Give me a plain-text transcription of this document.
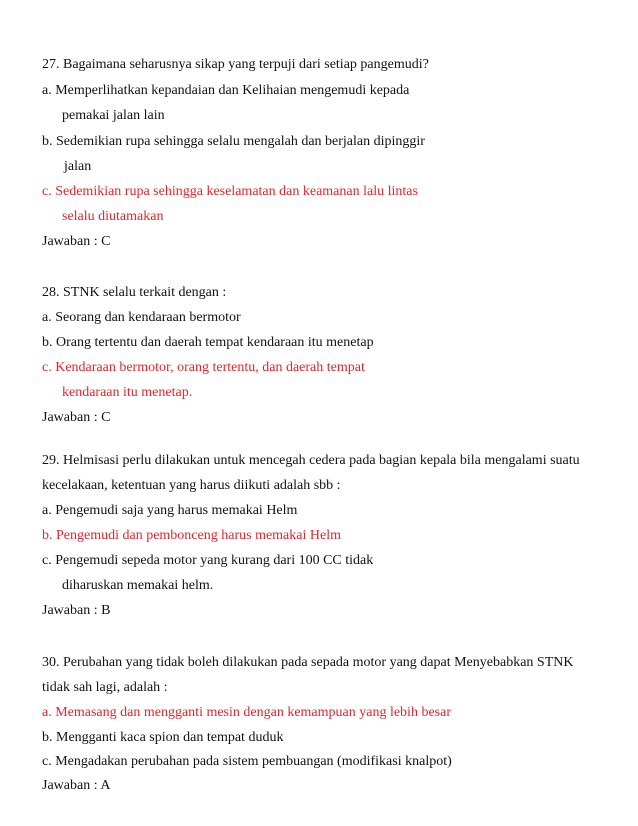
27. Bagaimana seharusnya sikap yang terpuji dari setiap pangemudi?
a. Memperlihatkan kepandaian dan Kelihaian mengemudi kepada
pemakai jalan lain
b. Sedemikian rupa sehingga selalu mengalah dan berjalan dipinggir
jalan
c. Sedemikian rupa sehingga keselamatan dan keamanan lalu lintas
selalu diutamakan
Jawaban : C
28. STNK selalu terkait dengan :
a. Seorang dan kendaraan bermotor
b. Orang tertentu dan daerah tempat kendaraan itu menetap
c. Kendaraan bermotor, orang tertentu, dan daerah tempat
kendaraan itu menetap.
Jawaban : C
29. Helmisasi perlu dilakukan untuk mencegah cedera pada bagian kepala bila mengalami suatu
kecelakaan, ketentuan yang harus diikuti adalah sbb :
a. Pengemudi saja yang harus memakai Helm
b. Pengemudi dan pembonceng harus memakai Helm
c. Pengemudi sepeda motor yang kurang dari 100 CC tidak
diharuskan memakai helm.
Jawaban : B
30. Perubahan yang tidak boleh dilakukan pada sepada motor yang dapat Menyebabkan STNK
tidak sah lagi, adalah :
a. Memasang dan mengganti mesin dengan kemampuan yang lebih besar
b. Mengganti kaca spion dan tempat duduk
c. Mengadakan perubahan pada sistem pembuangan (modifikasi knalpot)
Jawaban : A
